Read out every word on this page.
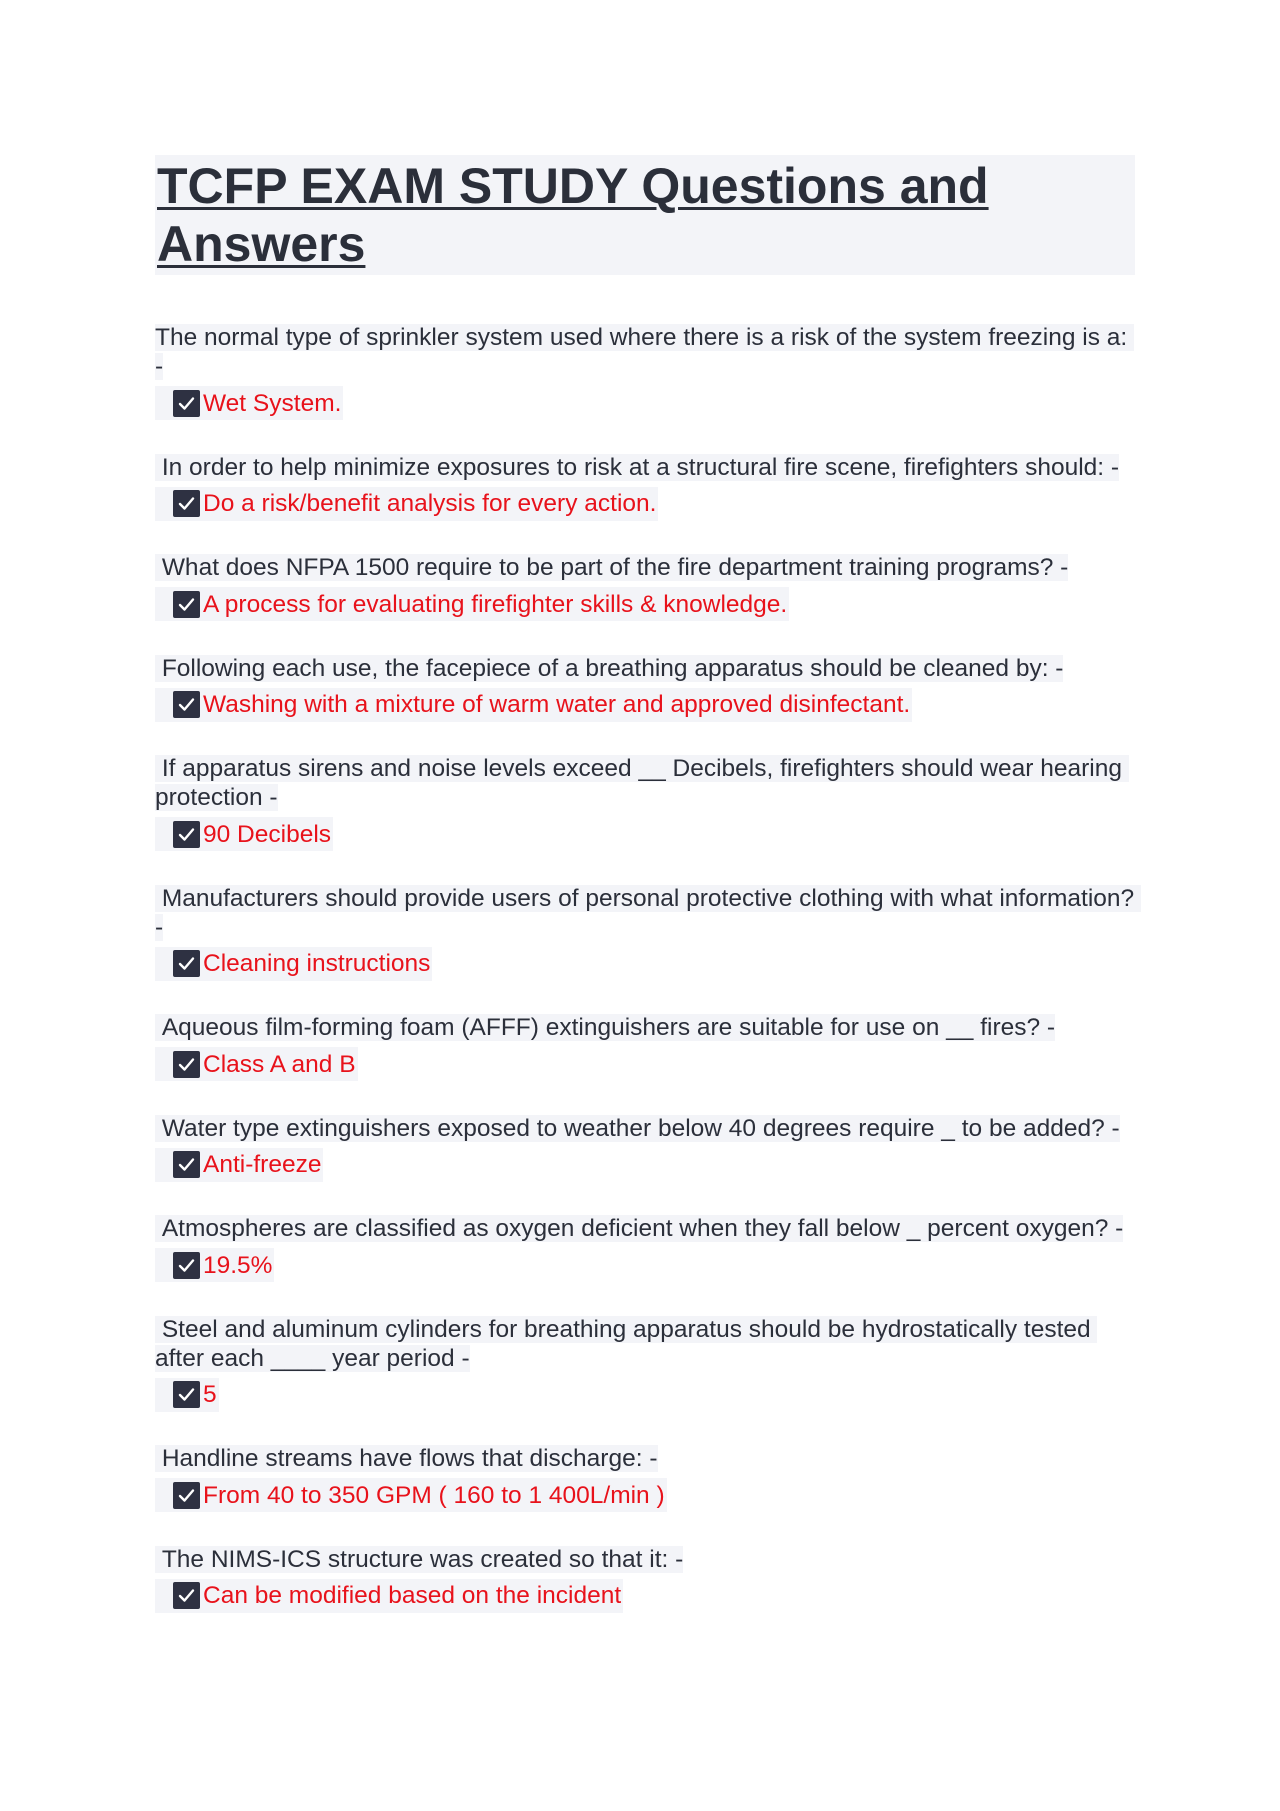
TCFP EXAM STUDY Questions and Answers
The normal type of sprinkler system used where there is a risk of the system freezing is a: -
Wet System.
In order to help minimize exposures to risk at a structural fire scene, firefighters should: -
Do a risk/benefit analysis for every action.
What does NFPA 1500 require to be part of the fire department training programs? -
A process for evaluating firefighter skills & knowledge.
Following each use, the facepiece of a breathing apparatus should be cleaned by: -
Washing with a mixture of warm water and approved disinfectant.
If apparatus sirens and noise levels exceed __ Decibels, firefighters should wear hearing protection -
90 Decibels
Manufacturers should provide users of personal protective clothing with what information? -
Cleaning instructions
Aqueous film-forming foam (AFFF) extinguishers are suitable for use on __ fires? -
Class A and B
Water type extinguishers exposed to weather below 40 degrees require _ to be added? -
Anti-freeze
Atmospheres are classified as oxygen deficient when they fall below _ percent oxygen? -
19.5%
Steel and aluminum cylinders for breathing apparatus should be hydrostatically tested after each ____ year period -
5
Handline streams have flows that discharge: -
From 40 to 350 GPM ( 160 to 1 400L/min )
The NIMS-ICS structure was created so that it: -
Can be modified based on the incident
